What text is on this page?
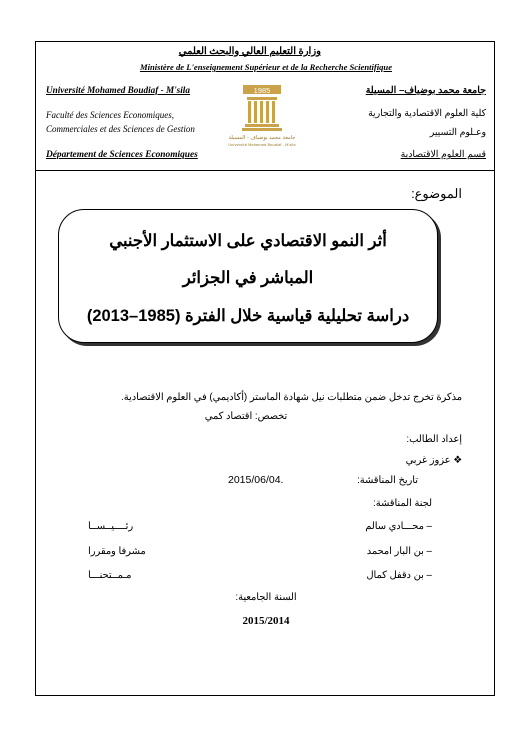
وزارة التعليم العالي والبحث العلمي
Ministère de L'enseignement Supérieur et de la Recherche Scientifique
Université Mohamed Boudiaf - M'sila	جامعة محمد بوضياف– المسيلة
Faculté des Sciences Economiques,
Commerciales et des Sciences de Gestion
كلية العلوم الاقتصادية والتجارية
وعـلوم التسيير
Département de Sciences Economiques	قسم العلوم الاقتصادية
الموضوع:
مذكرة تخرج تدخل ضمن متطلبات نيل شهادة الماستر (أكاديمي) في العلوم الاقتصادية.
تخصص: اقتصاد كمي
إعداد الطالب:
❖ عزوز غربي
تاريخ المناقشة:
2015/06/04.
لجنة المناقشة:
– محـــادي سالم
رئــــيــســا
– بن البار امحمد
مشرفا ومقررا
– بن دقفل كمال
مـمــتحنـــا
السنة الجامعية:
2015/2014
1985
جامعة محمد بوضياف - المسيلة
Université Mohamed Boudiaf - M'sila
أثر النمو الاقتصادي على الاستثمار الأجنبي
المباشر في الجزائر
دراسة تحليلية قياسية خلال الفترة (1985–2013)
